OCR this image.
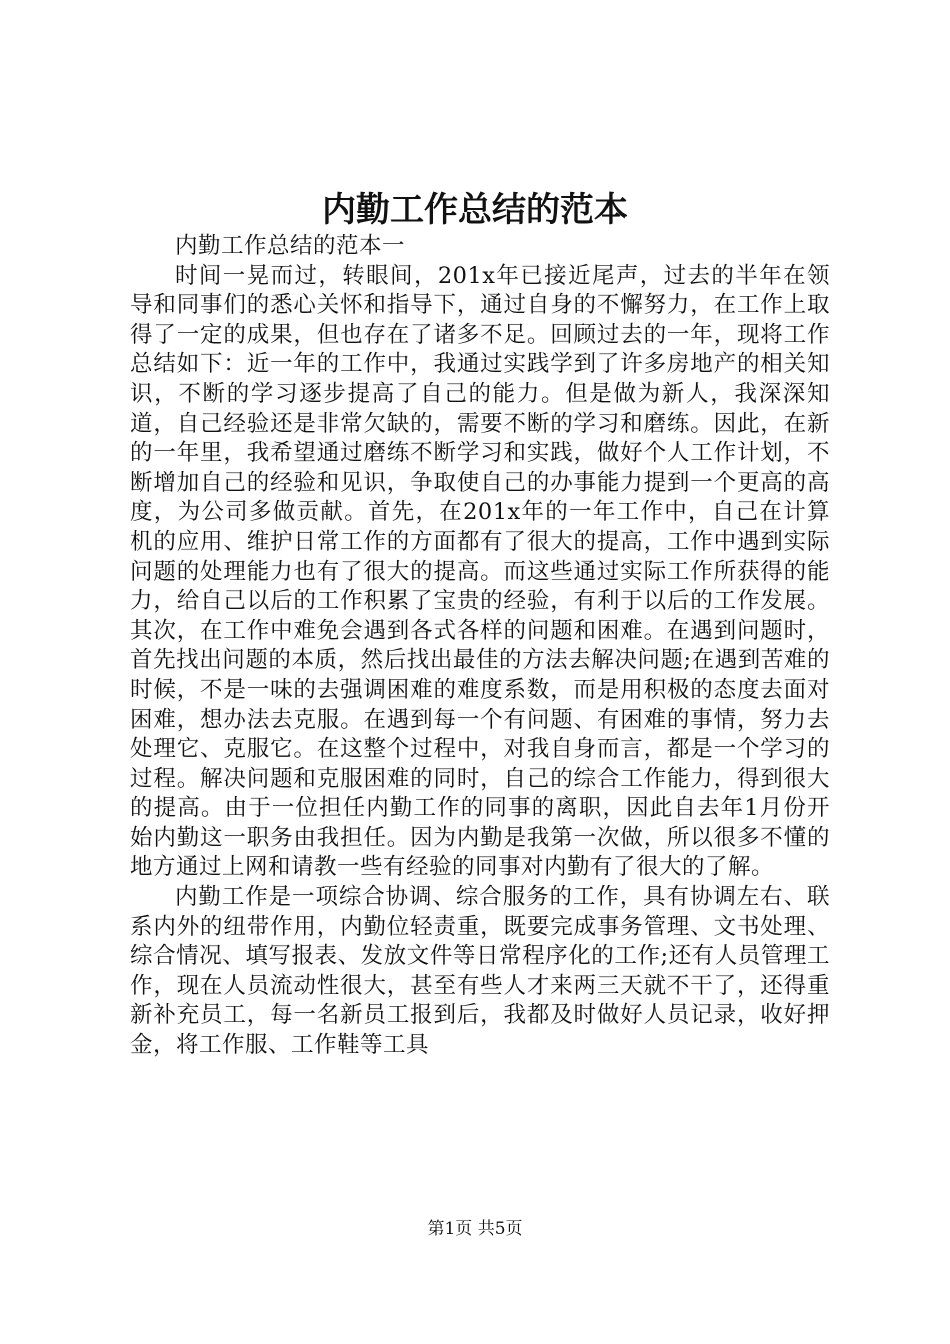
内勤工作总结的范本

内勤工作总结的范本一

时间一晃而过，转眼间，201x年已接近尾声，过去的半年在领导和同事们的悉心关怀和指导下，通过自身的不懈努力，在工作上取得了一定的成果，但也存在了诸多不足。回顾过去的一年，现将工作总结如下：近一年的工作中，我通过实践学到了许多房地产的相关知识，不断的学习逐步提高了自己的能力。但是做为新人，我深深知道，自己经验还是非常欠缺的，需要不断的学习和磨练。因此，在新的一年里，我希望通过磨练不断学习和实践，做好个人工作计划，不断增加自己的经验和见识，争取使自己的办事能力提到一个更高的高度，为公司多做贡献。首先，在201x年的一年工作中，自己在计算机的应用、维护日常工作的方面都有了很大的提高，工作中遇到实际问题的处理能力也有了很大的提高。而这些通过实际工作所获得的能力，给自己以后的工作积累了宝贵的经验，有利于以后的工作发展。其次，在工作中难免会遇到各式各样的问题和困难。在遇到问题时，首先找出问题的本质，然后找出最佳的方法去解决问题;在遇到苦难的时候，不是一味的去强调困难的难度系数，而是用积极的态度去面对困难，想办法去克服。在遇到每一个有问题、有困难的事情，努力去处理它、克服它。在这整个过程中，对我自身而言，都是一个学习的过程。解决问题和克服困难的同时，自己的综合工作能力，得到很大的提高。由于一位担任内勤工作的同事的离职，因此自去年1月份开始内勤这一职务由我担任。因为内勤是我第一次做，所以很多不懂的地方通过上网和请教一些有经验的同事对内勤有了很大的了解。

内勤工作是一项综合协调、综合服务的工作，具有协调左右、联系内外的纽带作用，内勤位轻责重，既要完成事务管理、文书处理、综合情况、填写报表、发放文件等日常程序化的工作;还有人员管理工作，现在人员流动性很大，甚至有些人才来两三天就不干了，还得重新补充员工，每一名新员工报到后，我都及时做好人员记录，收好押金，将工作服、工作鞋等工具

第1页 共5页
